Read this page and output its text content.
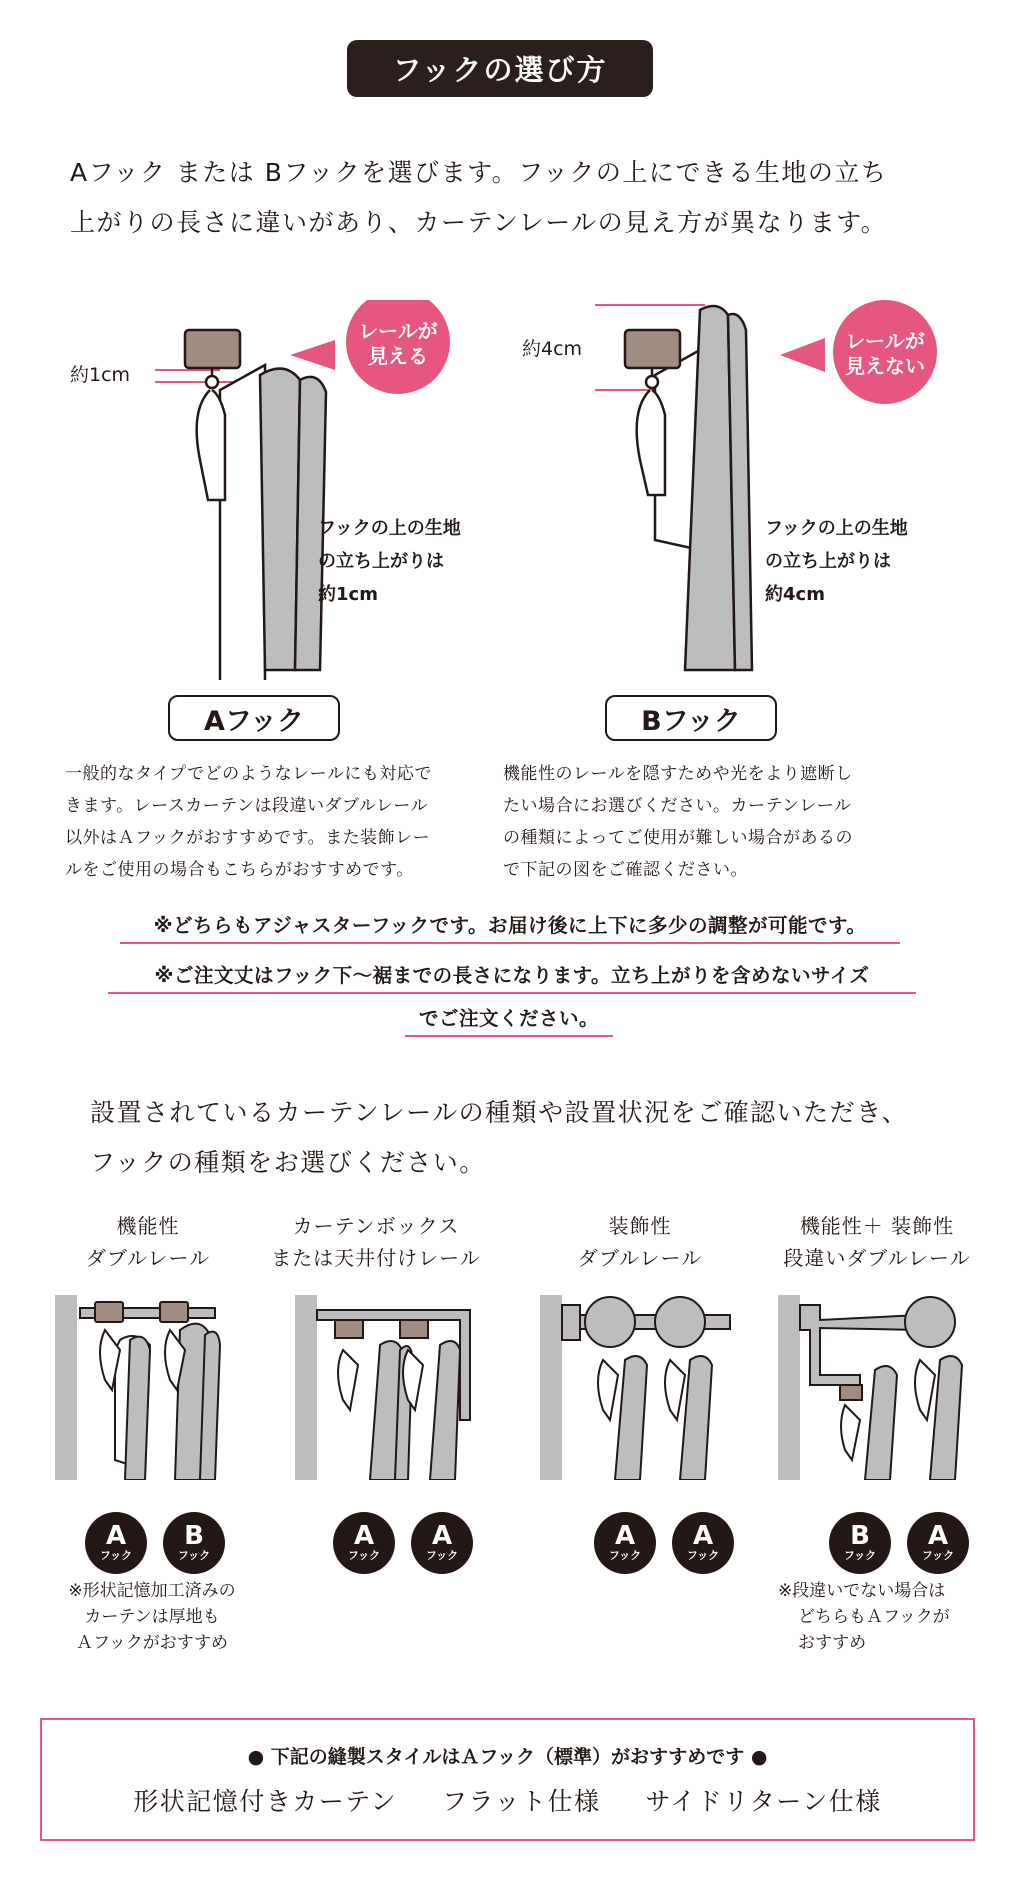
フックの選び方

Aフック または Bフックを選びます。フックの上にできる生地の立ち

上がりの長さに違いがあり、カーテンレールの見え方が異なります。

レールが
見える
約1cm
フックの上の生地
の立ち上がりは
約1cm
レールが
見えない
約4cm
フックの上の生地
の立ち上がりは
約4cm
Aフック	Bフック

一般的なタイプでどのようなレールにも対応で

きます。レースカーテンは段違いダブルレール

以外はＡフックがおすすめです。また装飾レー

ルをご使用の場合もこちらがおすすめです。

機能性のレールを隠すためや光をより遮断し

たい場合にお選びください。カーテンレール

の種類によってご使用が難しい場合があるの

で下記の図をご確認ください。

※どちらもアジャスターフックです。お届け後に上下に多少の調整が可能です。
※ご注文丈はフック下～裾までの長さになります。立ち上がりを含めないサイズ
でご注文ください。

設置されているカーテンレールの種類や設置状況をご確認いただき、

フックの種類をお選びください。

機能性
ダブルレール
カーテンボックス
または天井付けレール
装飾性
ダブルレール
機能性＋ 装飾性
段違いダブルレール
A
フック
B
フック
A
フック
A
フック
A
フック
A
フック
B
フック
A
フック
※形状記憶加工済みの
カーテンは厚地も
Ａフックがおすすめ
※段違いでない場合は
どちらもＡフックが
おすすめ
● 下記の縫製スタイルはＡフック（標準）がおすすめです ●
形状記憶付きカーテン フラット仕様 サイドリターン仕様
